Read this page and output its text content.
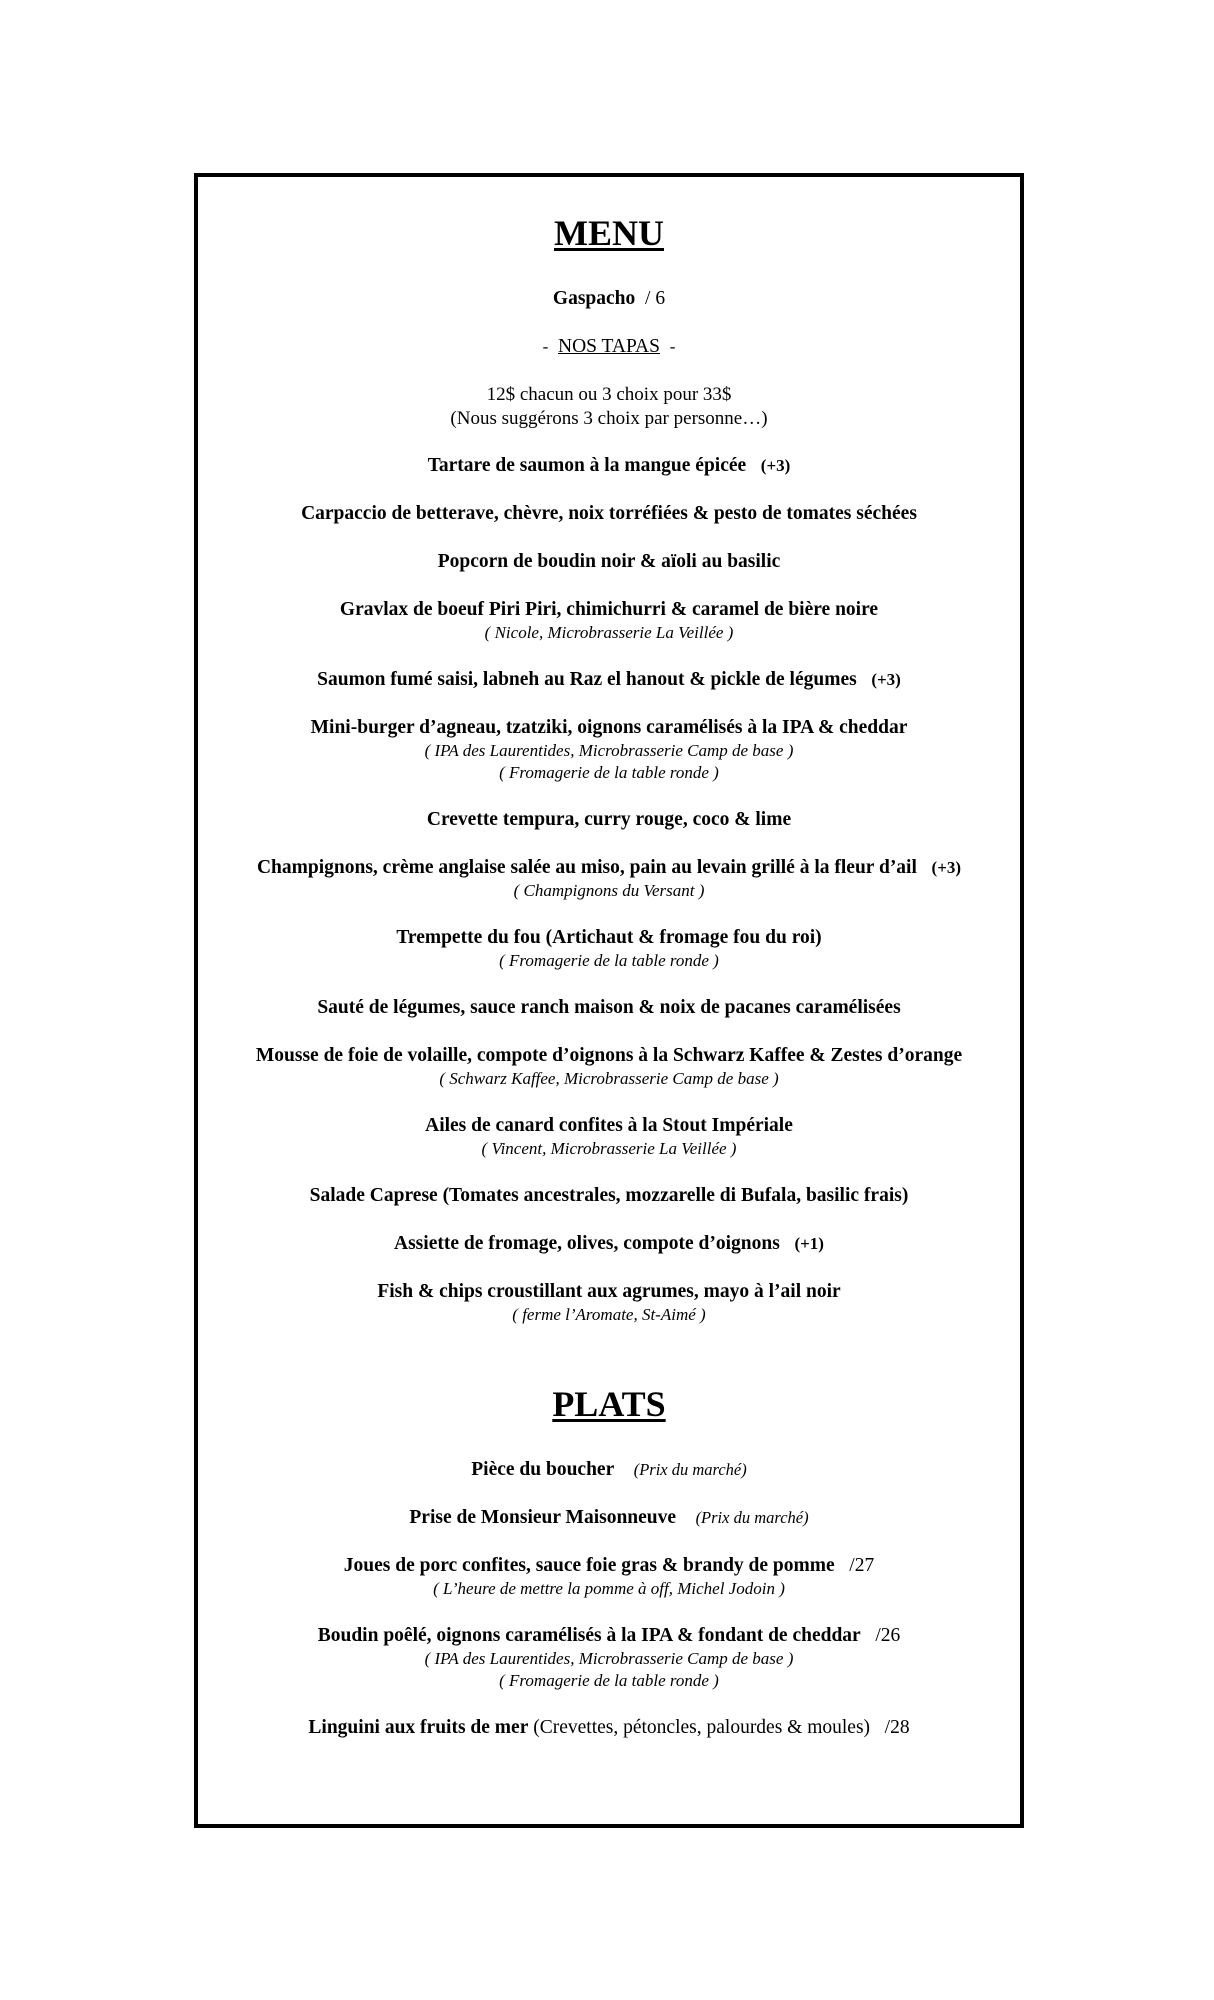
MENU
Gaspacho / 6
- NOS TAPAS -
12$ chacun ou 3 choix pour 33$
(Nous suggérons 3 choix par personne…)
Tartare de saumon à la mangue épicée (+3)
Carpaccio de betterave, chèvre, noix torréfiées & pesto de tomates séchées
Popcorn de boudin noir & aïoli au basilic
Gravlax de boeuf Piri Piri, chimichurri & caramel de bière noire
( Nicole, Microbrasserie La Veillée )
Saumon fumé saisi, labneh au Raz el hanout & pickle de légumes (+3)
Mini-burger d’agneau, tzatziki, oignons caramélisés à la IPA & cheddar
( IPA des Laurentides, Microbrasserie Camp de base )
( Fromagerie de la table ronde )
Crevette tempura, curry rouge, coco & lime
Champignons, crème anglaise salée au miso, pain au levain grillé à la fleur d’ail (+3)
( Champignons du Versant )
Trempette du fou (Artichaut & fromage fou du roi)
( Fromagerie de la table ronde )
Sauté de légumes, sauce ranch maison & noix de pacanes caramélisées
Mousse de foie de volaille, compote d’oignons à la Schwarz Kaffee & Zestes d’orange
( Schwarz Kaffee, Microbrasserie Camp de base )
Ailes de canard confites à la Stout Impériale
( Vincent, Microbrasserie La Veillée )
Salade Caprese (Tomates ancestrales, mozzarelle di Bufala, basilic frais)
Assiette de fromage, olives, compote d’oignons (+1)
Fish & chips croustillant aux agrumes, mayo à l’ail noir
( ferme l’Aromate, St-Aimé )
PLATS
Pièce du boucher (Prix du marché)
Prise de Monsieur Maisonneuve (Prix du marché)
Joues de porc confites, sauce foie gras & brandy de pomme /27
( L’heure de mettre la pomme à off, Michel Jodoin )
Boudin poêlé, oignons caramélisés à la IPA & fondant de cheddar /26
( IPA des Laurentides, Microbrasserie Camp de base )
( Fromagerie de la table ronde )
Linguini aux fruits de mer (Crevettes, pétoncles, palourdes & moules) /28
